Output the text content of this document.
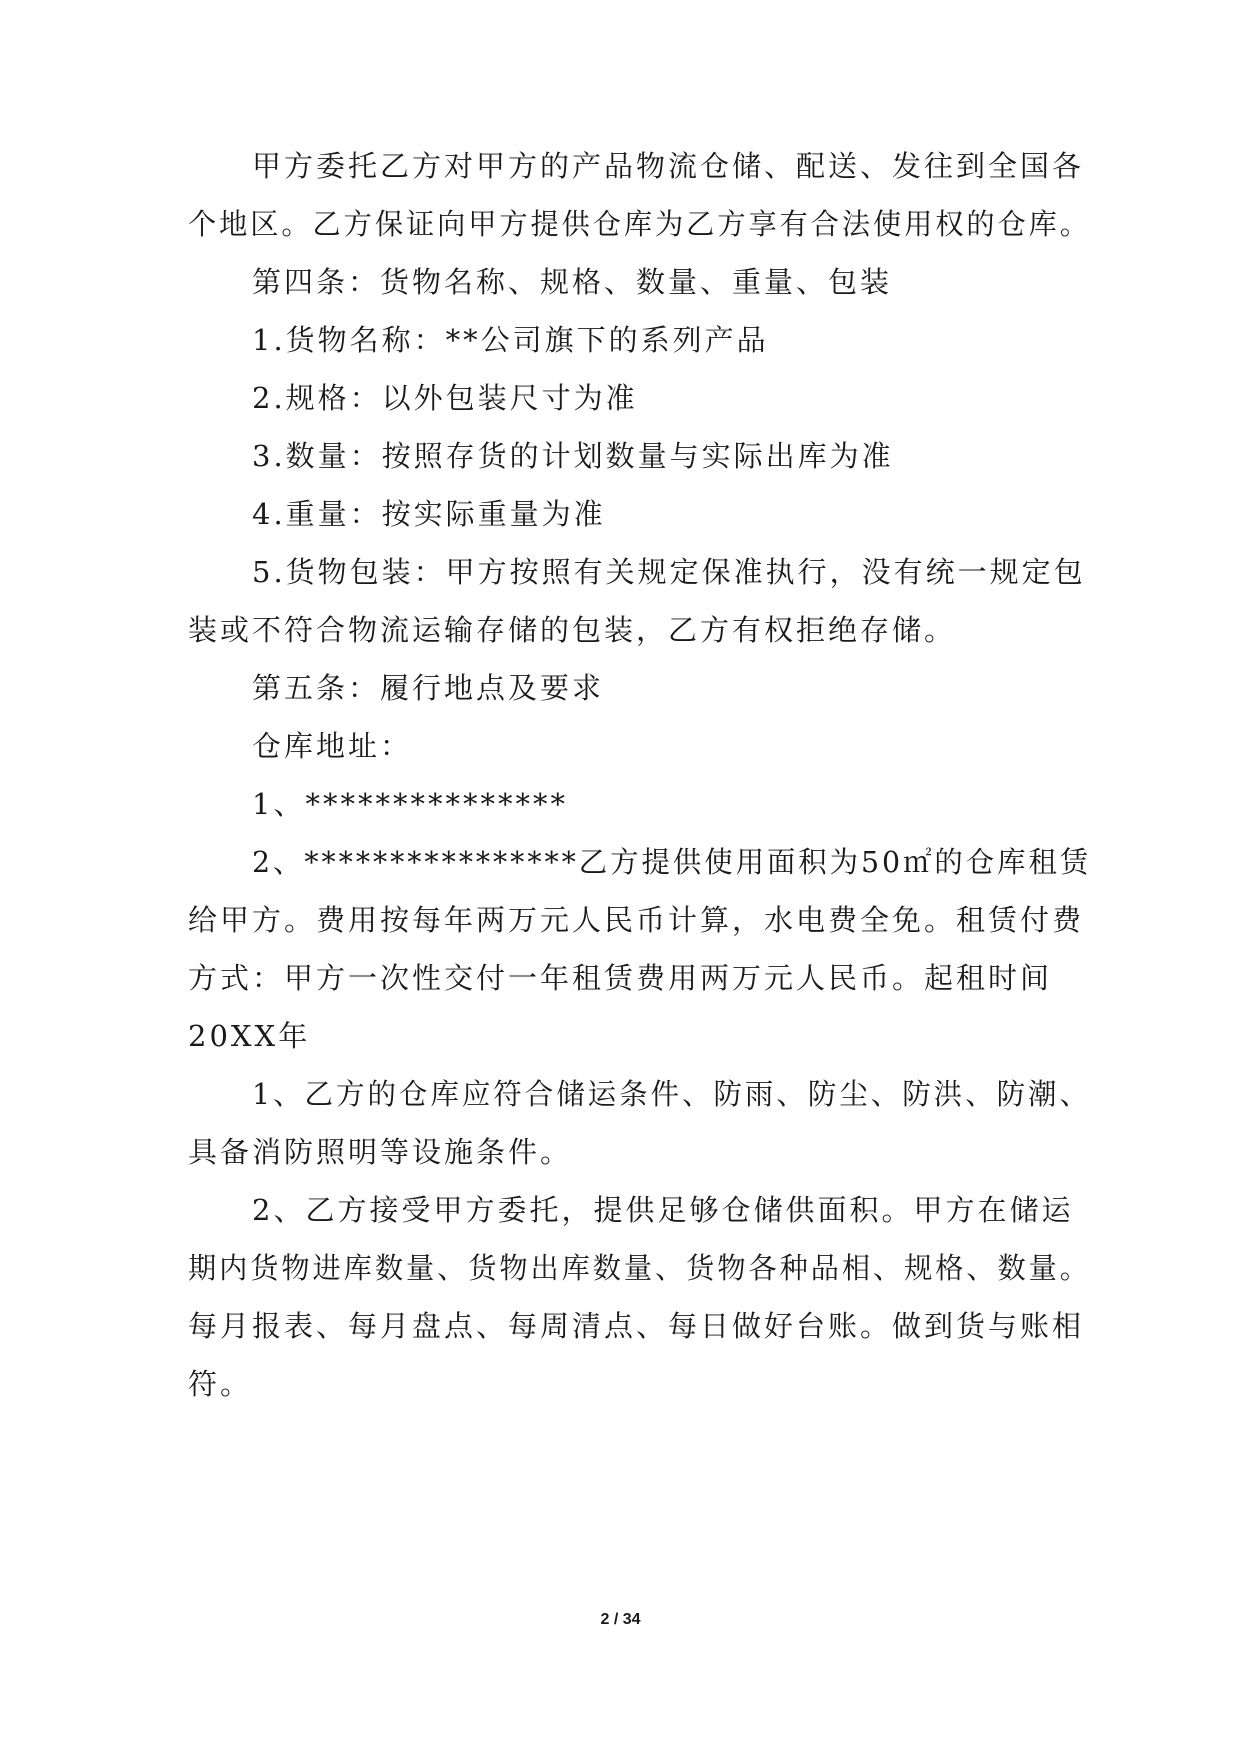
甲方委托乙方对甲方的产品物流仓储、配送、发往到全国各
个地区。乙方保证向甲方提供仓库为乙方享有合法使用权的仓库。
第四条：货物名称、规格、数量、重量、包装
1.货物名称：**公司旗下的系列产品
2.规格：以外包装尺寸为准
3.数量：按照存货的计划数量与实际出库为准
4.重量：按实际重量为准
5.货物包装：甲方按照有关规定保准执行，没有统一规定包
装或不符合物流运输存储的包装，乙方有权拒绝存储。
第五条：履行地点及要求
仓库地址：
1、***************
2、****************乙方提供使用面积为50㎡的仓库租赁
给甲方。费用按每年两万元人民币计算，水电费全免。租赁付费
方式：甲方一次性交付一年租赁费用两万元人民币。起租时间
20XX年
1、乙方的仓库应符合储运条件、防雨、防尘、防洪、防潮、
具备消防照明等设施条件。
2、乙方接受甲方委托，提供足够仓储供面积。甲方在储运
期内货物进库数量、货物出库数量、货物各种品相、规格、数量。
每月报表、每月盘点、每周清点、每日做好台账。做到货与账相
符。
2 / 34
